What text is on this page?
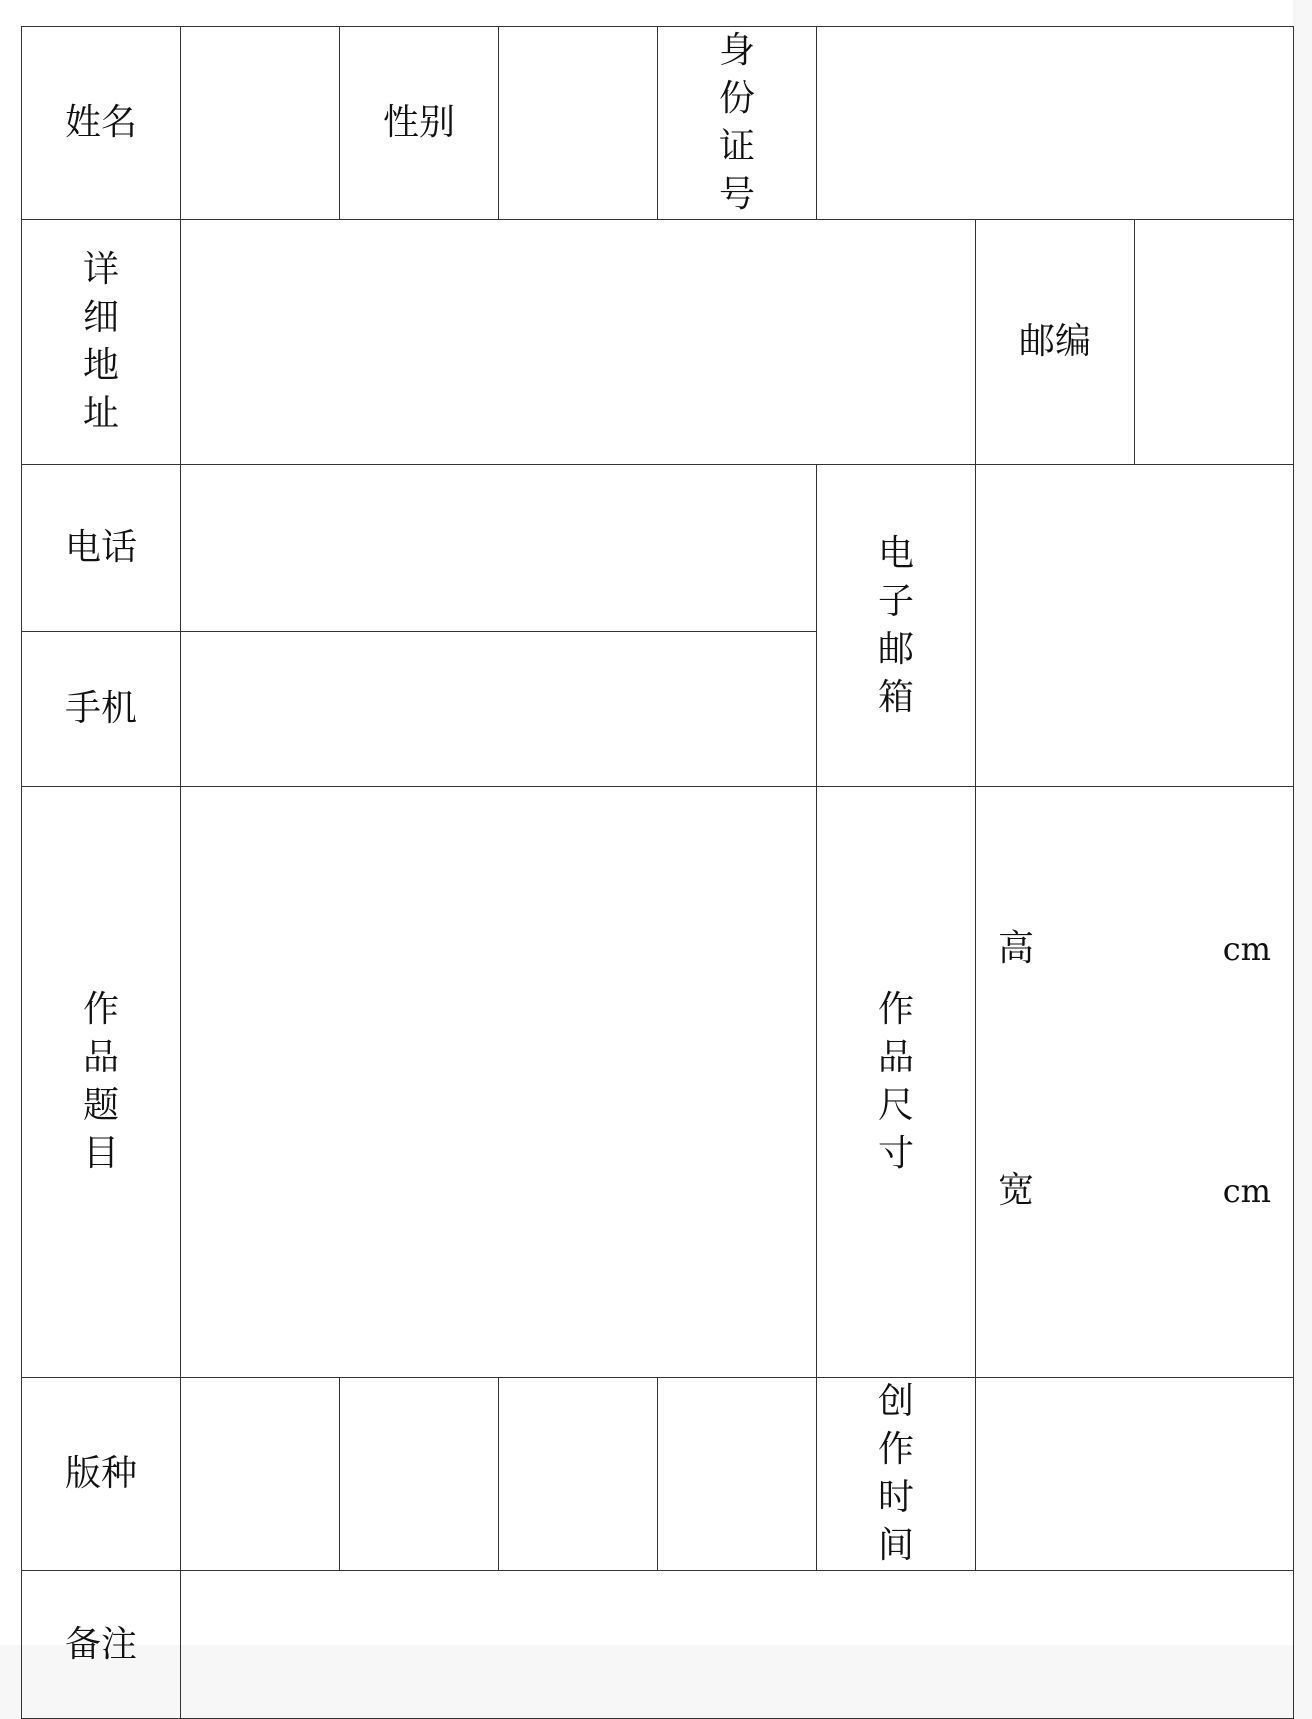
姓名		性别		身份证号			
详细地址						邮编	
电话					电子邮箱		
手机							
作品题目					作品尺寸	高 cm
宽 cm	

版种					创作时间		
备注							
